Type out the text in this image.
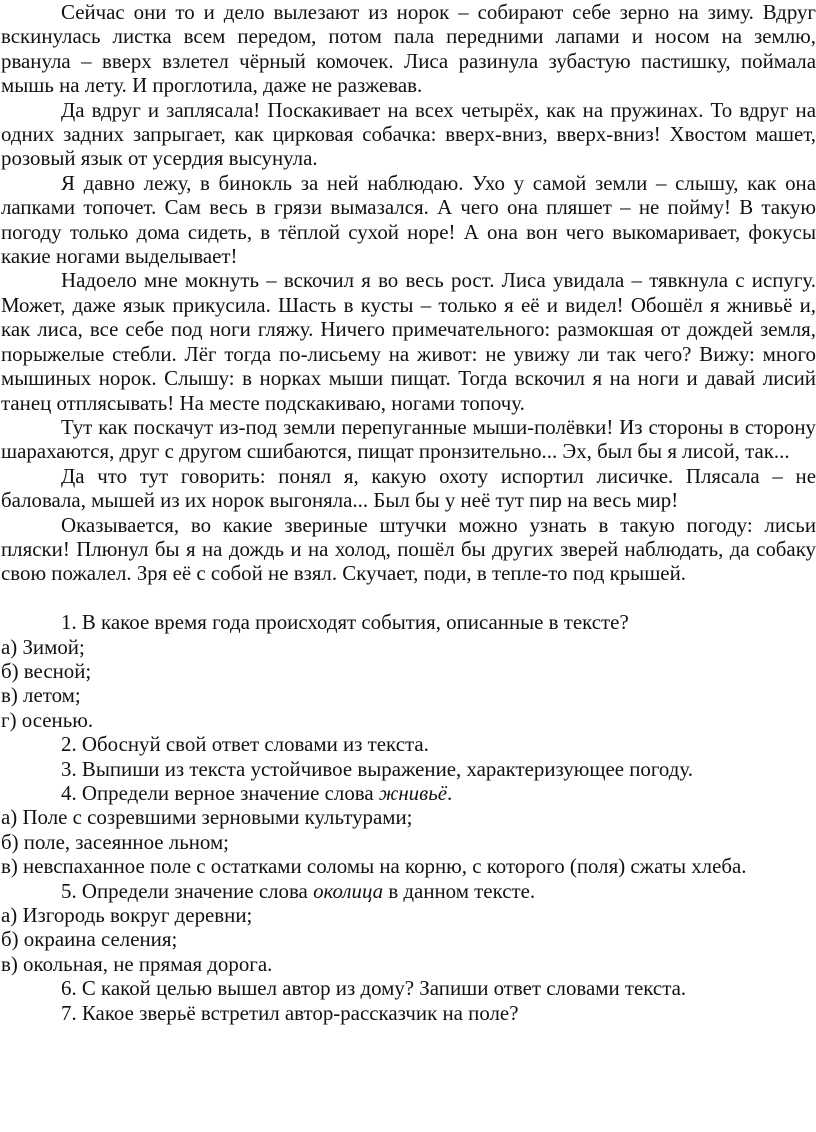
Сейчас они то и дело вылезают из норок – собирают себе зерно на зиму. Вдруг вскинулась листка всем передом, потом пала передними лапами и носом на землю, рванула – вверх взлетел чёрный комочек. Лиса разинула зубастую пастишку, поймала мышь на лету. И проглотила, даже не разжевав.

Да вдруг и заплясала! Поскакивает на всех четырёх, как на пружинах. То вдруг на одних задних запрыгает, как цирковая собачка: вверх-вниз, вверх-вниз! Хвостом машет, розовый язык от усердия высунула.

Я давно лежу, в бинокль за ней наблюдаю. Ухо у самой земли – слышу, как она лапками топочет. Сам весь в грязи вымазался. А чего она пляшет – не пойму! В такую погоду только дома сидеть, в тёплой сухой норе! А она вон чего выкомаривает, фокусы какие ногами выделывает!

Надоело мне мокнуть – вскочил я во весь рост. Лиса увидала – тявкнула с испугу. Может, даже язык прикусила. Шасть в кусты – только я её и видел! Обошёл я жнивьё и, как лиса, все себе под ноги гляжу. Ничего примечательного: размокшая от дождей земля, порыжелые стебли. Лёг тогда по-лисьему на живот: не увижу ли так чего? Вижу: много мышиных норок. Слышу: в норках мыши пищат. Тогда вскочил я на ноги и давай лисий танец отплясывать! На месте подскакиваю, ногами топочу.

Тут как поскачут из-под земли перепуганные мыши-полёвки! Из стороны в сторону шарахаются, друг с другом сшибаются, пищат пронзительно... Эх, был бы я лисой, так...

Да что тут говорить: понял я, какую охоту испортил лисичке. Плясала – не баловала, мышей из их норок выгоняла... Был бы у неё тут пир на весь мир!

Оказывается, во какие звериные штучки можно узнать в такую погоду: лисьи пляски! Плюнул бы я на дождь и на холод, пошёл бы других зверей наблюдать, да собаку свою пожалел. Зря её с собой не взял. Скучает, поди, в тепле-то под крышей.

1. В какое время года происходят события, описанные в тексте?

а) Зимой;

б) весной;

в) летом;

г) осенью.

2. Обоснуй свой ответ словами из текста.

3. Выпиши из текста устойчивое выражение, характеризующее погоду.

4. Определи верное значение слова жнивьё.

а) Поле с созревшими зерновыми культурами;

б) поле, засеянное льном;

в) невспаханное поле с остатками соломы на корню, с которого (поля) сжаты хлеба.

5. Определи значение слова околица в данном тексте.

а) Изгородь вокруг деревни;

б) окраина селения;

в) окольная, не прямая дорога.

6. С какой целью вышел автор из дому? Запиши ответ словами текста.

7. Какое зверьё встретил автор-рассказчик на поле?
